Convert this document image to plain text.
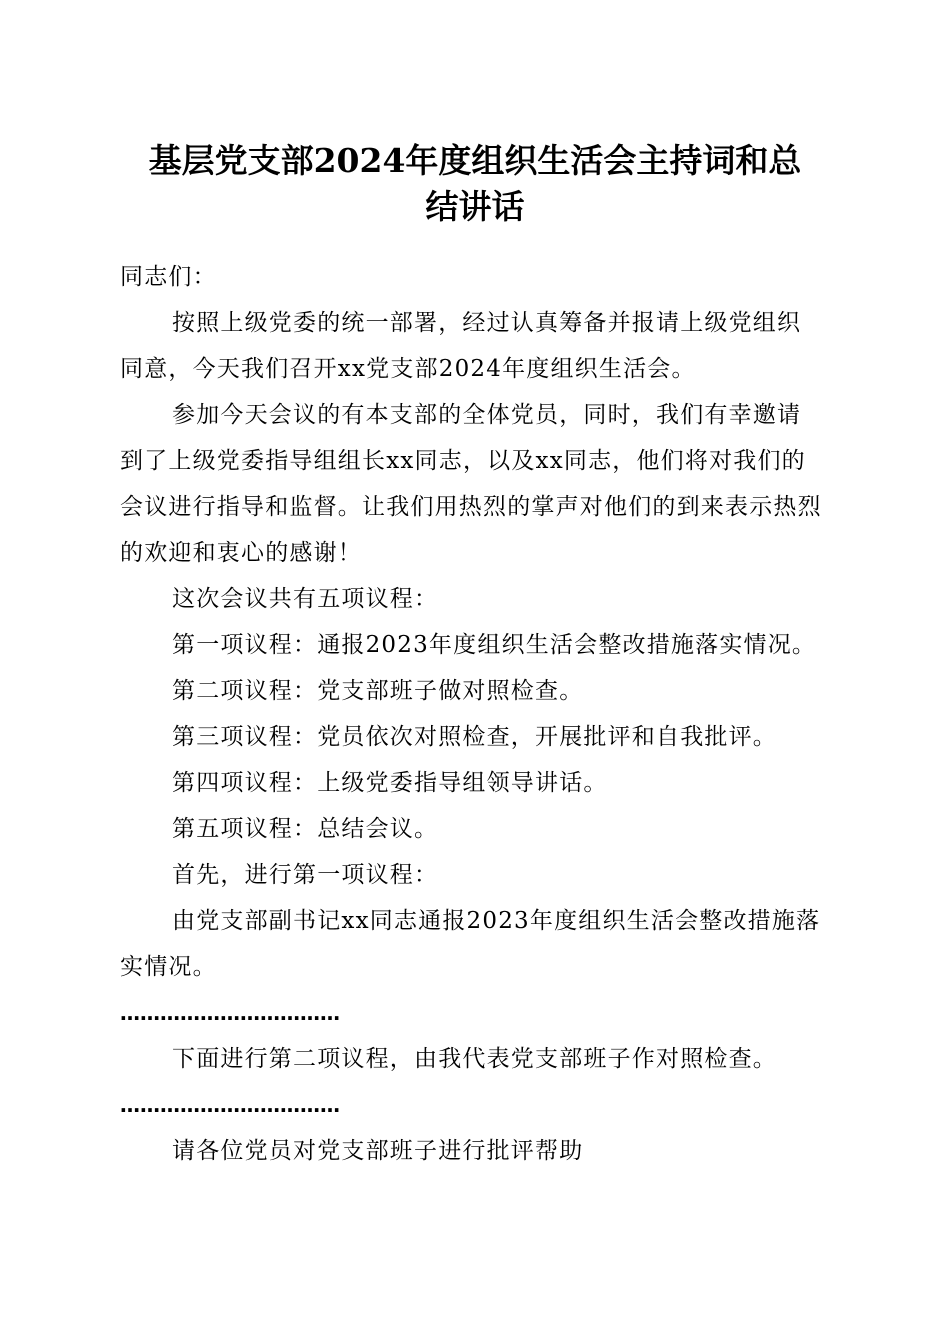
基层党支部2024年度组织生活会主持词和总
结讲话

同志们：

按照上级党委的统一部署，经过认真筹备并报请上级党组织同意，今天我们召开xx党支部2024年度组织生活会。

参加今天会议的有本支部的全体党员，同时，我们有幸邀请到了上级党委指导组组长xx同志，以及xx同志，他们将对我们的会议进行指导和监督。让我们用热烈的掌声对他们的到来表示热烈的欢迎和衷心的感谢！

这次会议共有五项议程：

第一项议程：通报2023年度组织生活会整改措施落实情况。

第二项议程：党支部班子做对照检查。

第三项议程：党员依次对照检查，开展批评和自我批评。

第四项议程：上级党委指导组领导讲话。

第五项议程：总结会议。

首先，进行第一项议程：

由党支部副书记xx同志通报2023年度组织生活会整改措施落实情况。

……………………………

下面进行第二项议程，由我代表党支部班子作对照检查。

……………………………

请各位党员对党支部班子进行批评帮助
